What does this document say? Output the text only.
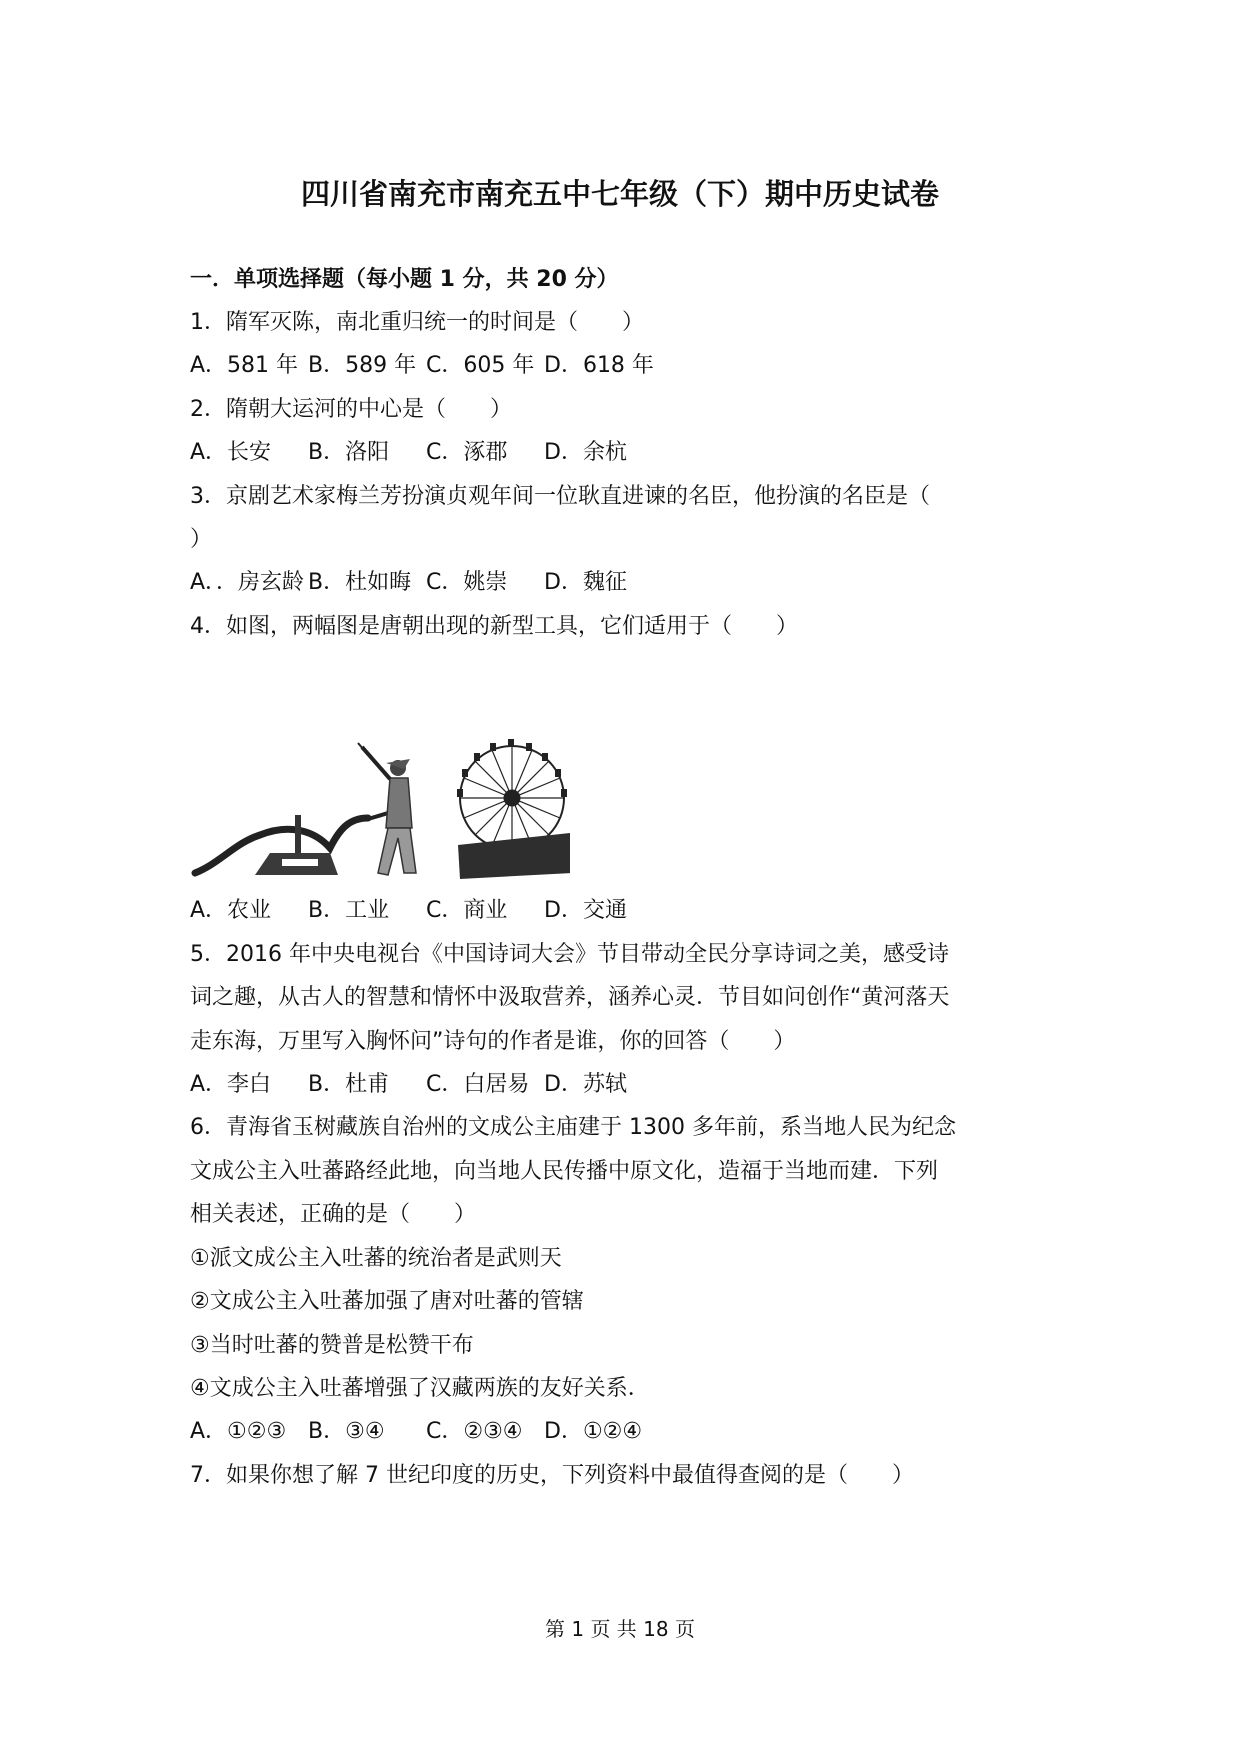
四川省南充市南充五中七年级（下）期中历史试卷
一．单项选择题（每小题 1 分，共 20 分）
1．隋军灭陈，南北重归统一的时间是（　　）
A．581 年 B．589 年 C．605 年 D．618 年
2．隋朝大运河的中心是（　　）
A．长安 B．洛阳 C．涿郡 D．余杭
3．京剧艺术家梅兰芳扮演贞观年间一位耿直进谏的名臣，他扮演的名臣是（
）
A．．房玄龄 B．杜如晦 C．姚崇 D．魏征
4．如图，两幅图是唐朝出现的新型工具，它们适用于（　　）
A．农业 B．工业 C．商业 D．交通
5．2016 年中央电视台《中国诗词大会》节目带动全民分享诗词之美，感受诗
词之趣，从古人的智慧和情怀中汲取营养，涵养心灵．节目如问创作“黄河落天
走东海，万里写入胸怀问”诗句的作者是谁，你的回答（　　）
A．李白 B．杜甫 C．白居易 D．苏轼
6．青海省玉树藏族自治州的文成公主庙建于 1300 多年前，系当地人民为纪念
文成公主入吐蕃路经此地，向当地人民传播中原文化，造福于当地而建．下列
相关表述，正确的是（　　）
①派文成公主入吐蕃的统治者是武则天
②文成公主入吐蕃加强了唐对吐蕃的管辖
③当时吐蕃的赞普是松赞干布
④文成公主入吐蕃增强了汉藏两族的友好关系．
A．①②③ B．③④ C．②③④ D．①②④
7．如果你想了解 7 世纪印度的历史，下列资料中最值得查阅的是（　　）
第 1 页 共 18 页
